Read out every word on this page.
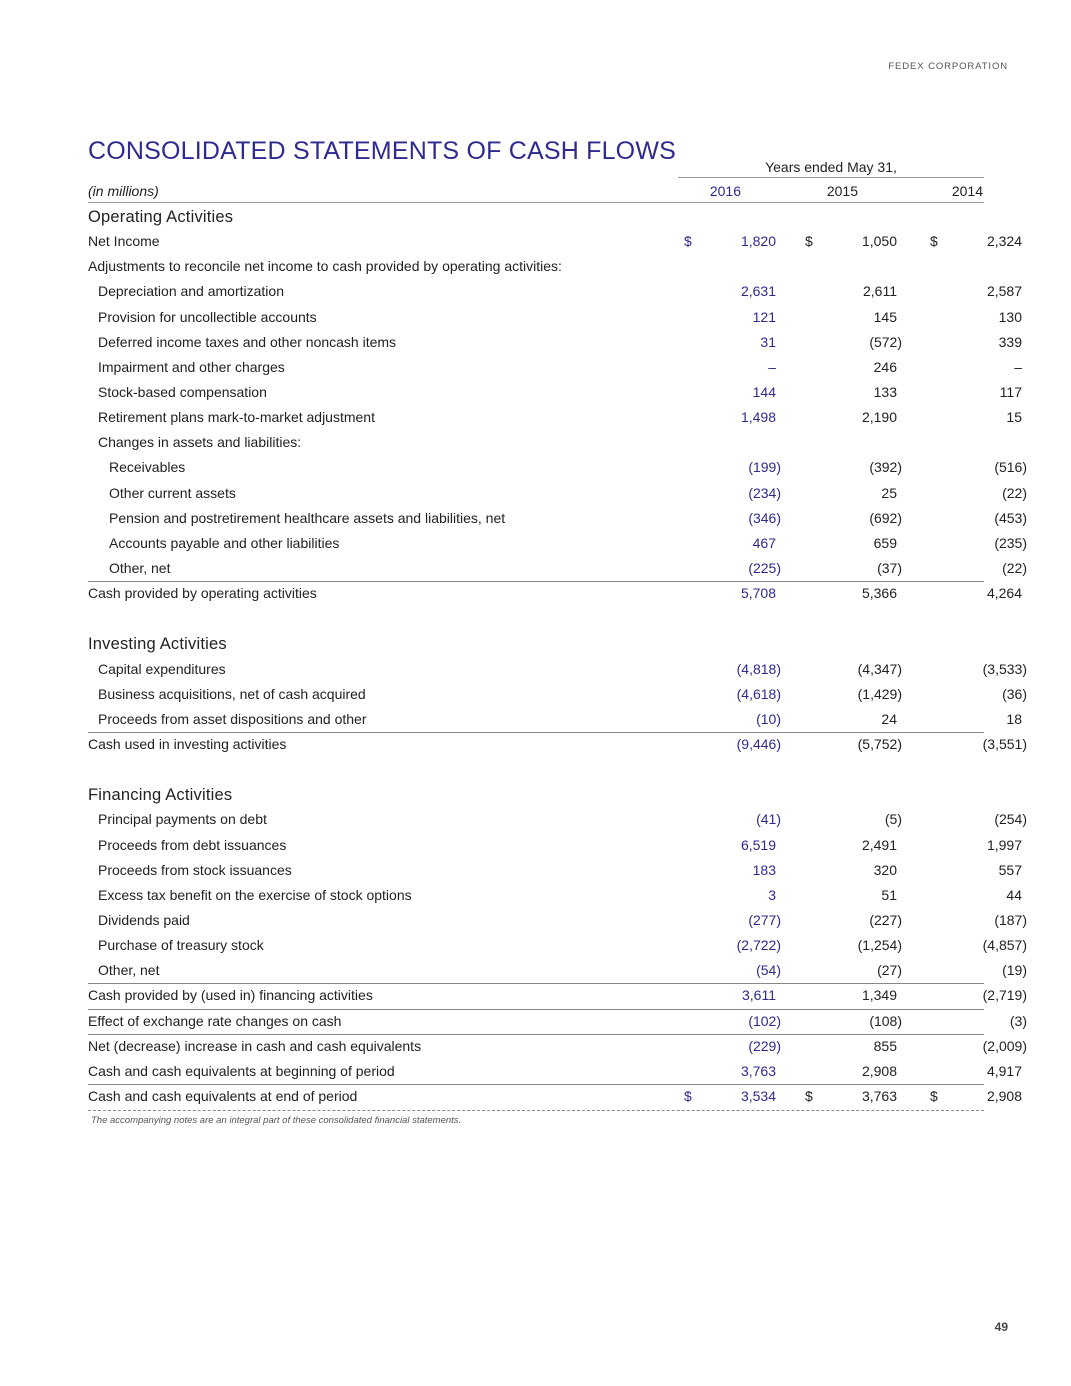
FEDEX CORPORATION
CONSOLIDATED STATEMENTS OF CASH FLOWS
Years ended May 31,
(in millions)	2016	2015	2014
Operating Activities
Net Income	$	1,820 $	1,050 $	2,324
Adjustments to reconcile net income to cash provided by operating activities:
Depreciation and amortization	2,631	2,611	2,587
Provision for uncollectible accounts	121	145	130
Deferred income taxes and other noncash items	31	(572)	339
Impairment and other charges	–	246	–
Stock-based compensation	144	133	117
Retirement plans mark-to-market adjustment	1,498	2,190	15
Changes in assets and liabilities:
Receivables	(199)	(392)	(516)
Other current assets	(234)	25	(22)
Pension and postretirement healthcare assets and liabilities, net	(346)	(692)	(453)
Accounts payable and other liabilities	467	659	(235)
Other, net	(225)	(37)	(22)
Cash provided by operating activities	5,708	5,366	4,264
Investing Activities
Capital expenditures	(4,818)	(4,347)	(3,533)
Business acquisitions, net of cash acquired	(4,618)	(1,429)	(36)
Proceeds from asset dispositions and other	(10)	24	18
Cash used in investing activities	(9,446)	(5,752)	(3,551)
Financing Activities
Principal payments on debt	(41)	(5)	(254)
Proceeds from debt issuances	6,519	2,491	1,997
Proceeds from stock issuances	183	320	557
Excess tax benefit on the exercise of stock options	3	51	44
Dividends paid	(277)	(227)	(187)
Purchase of treasury stock	(2,722)	(1,254)	(4,857)
Other, net	(54)	(27)	(19)
Cash provided by (used in) financing activities	3,611	1,349	(2,719)
Effect of exchange rate changes on cash	(102)	(108)	(3)
Net (decrease) increase in cash and cash equivalents	(229)	855	(2,009)
Cash and cash equivalents at beginning of period	3,763	2,908	4,917
Cash and cash equivalents at end of period	$	3,534 $	3,763 $	2,908
The accompanying notes are an integral part of these consolidated financial statements.
49
